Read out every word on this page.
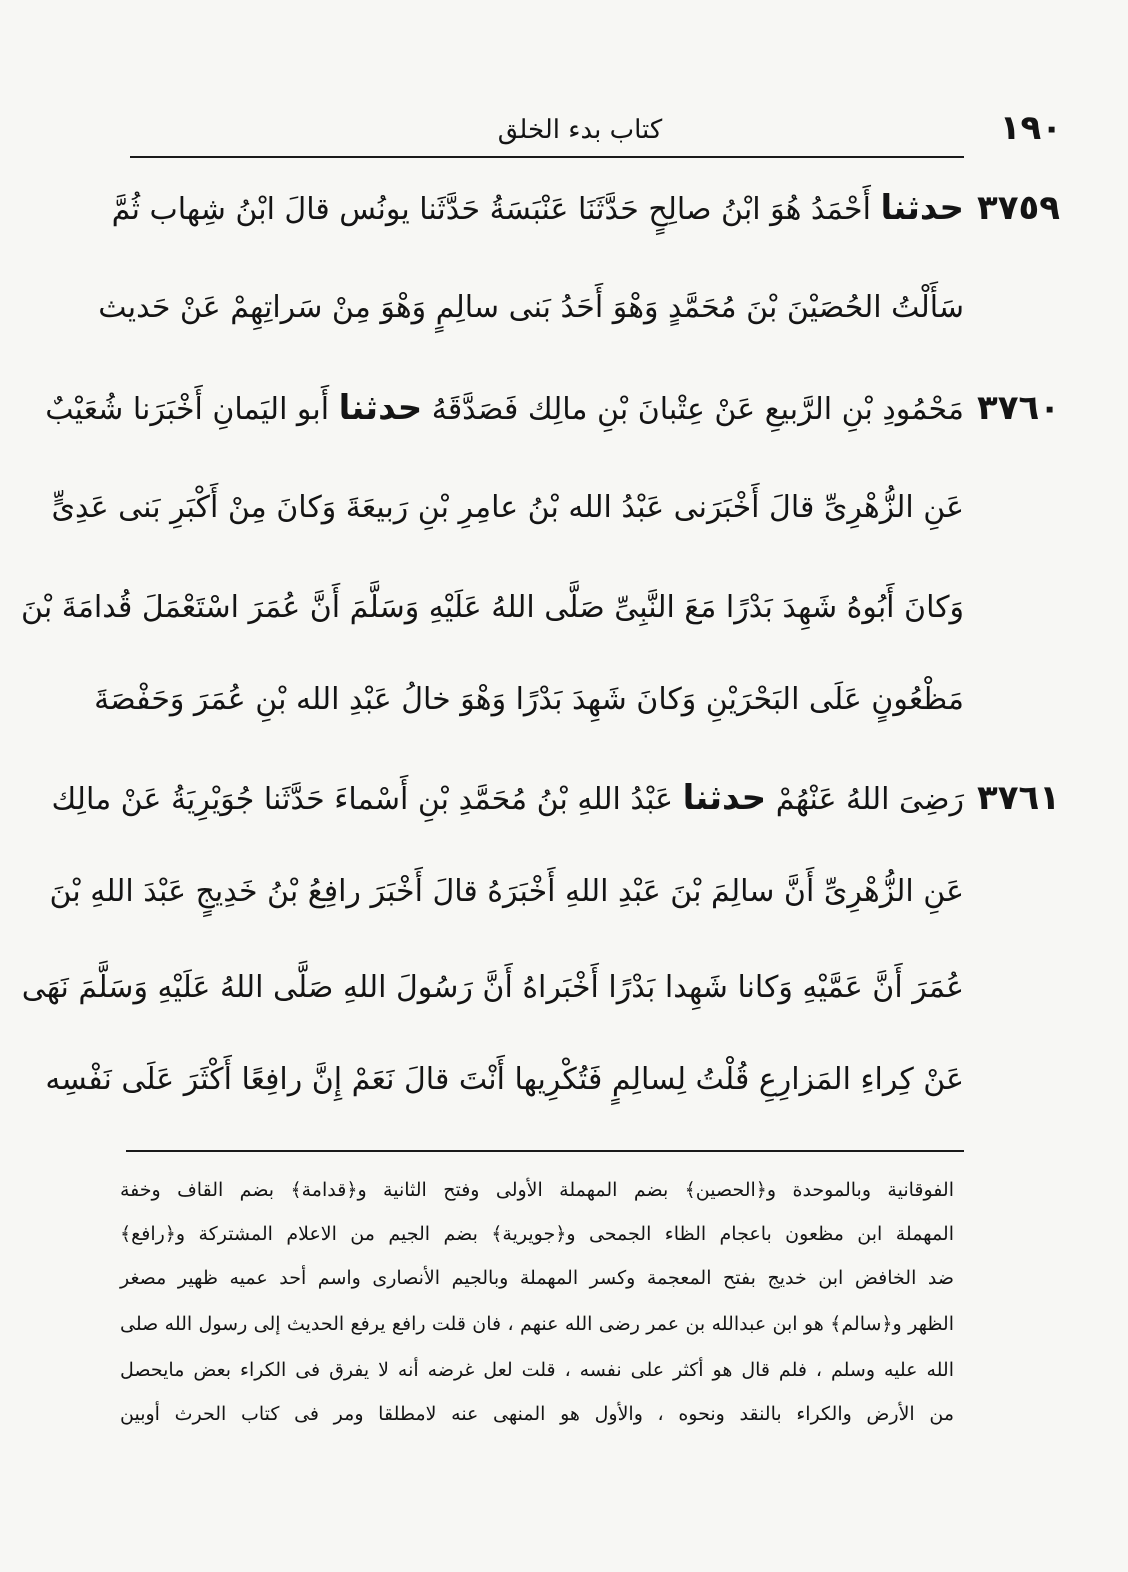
١٩٠
كتاب بدء الخلق
٣٧٥٩
حدثنا أَحْمَدُ هُوَ ابْنُ صالِحٍ حَدَّثَنَا عَنْبَسَةُ حَدَّثَنا يونُس قالَ ابْنُ شِهاب ثُمَّ
سَأَلْتُ الحُصَيْنَ بْنَ مُحَمَّدٍ وَهْوَ أَحَدُ بَنى سالِمٍ وَهْوَ مِنْ سَراتِهِمْ عَنْ حَديث
٣٧٦٠
مَحْمُودِ بْنِ الرَّبيعِ عَنْ عِتْبانَ بْنِ مالِك فَصَدَّقَهُ حدثنا أَبو اليَمانِ أَخْبَرَنا شُعَيْبٌ
عَنِ الزُّهْرِىِّ قالَ أَخْبَرَنى عَبْدُ الله بْنُ عامِرِ بْنِ رَبيعَةَ وَكانَ مِنْ أَكْبَرِ بَنى عَدِىٍّ
وَكانَ أَبُوهُ شَهِدَ بَدْرًا مَعَ النَّبِىِّ صَلَّى اللهُ عَلَيْهِ وَسَلَّمَ أَنَّ عُمَرَ اسْتَعْمَلَ قُدامَةَ بْنَ
مَظْعُونٍ عَلَى البَحْرَيْنِ وَكانَ شَهِدَ بَدْرًا وَهْوَ خالُ عَبْدِ الله بْنِ عُمَرَ وَحَفْصَةَ
٣٧٦١
رَضِىَ اللهُ عَنْهُمْ حدثنا عَبْدُ اللهِ بْنُ مُحَمَّدِ بْنِ أَسْماءَ حَدَّثَنا جُوَيْرِيَةُ عَنْ مالِك
عَنِ الزُّهْرِىِّ أَنَّ سالِمَ بْنَ عَبْدِ اللهِ أَخْبَرَهُ قالَ أَخْبَرَ رافِعُ بْنُ خَدِيجٍ عَبْدَ اللهِ بْنَ
عُمَرَ أَنَّ عَمَّيْهِ وَكانا شَهِدا بَدْرًا أَخْبَراهُ أَنَّ رَسُولَ اللهِ صَلَّى اللهُ عَلَيْهِ وَسَلَّمَ نَهَى
عَنْ كِراءِ المَزارِعِ قُلْتُ لِسالِمٍ فَتُكْرِيها أَنْتَ قالَ نَعَمْ إِنَّ رافِعًا أَكْثَرَ عَلَى نَفْسِه
الفوقانية وبالموحدة و﴿الحصين﴾ بضم المهملة الأولى وفتح الثانية و﴿قدامة﴾ بضم القاف وخفة
المهملة ابن مظعون باعجام الظاء الجمحى و﴿جويرية﴾ بضم الجيم من الاعلام المشتركة و﴿رافع﴾
ضد الخافض ابن خديج بفتح المعجمة وكسر المهملة وبالجيم الأنصارى واسم أحد عميه ظهير مصغر
الظهر و﴿سالم﴾ هو ابن عبدالله بن عمر رضى الله عنهم ، فان قلت رافع يرفع الحديث إلى رسول الله صلى
الله عليه وسلم ، فلم قال هو أكثر على نفسه ، قلت لعل غرضه أنه لا يفرق فى الكراء بعض مايحصل
من الأرض والكراء بالنقد ونحوه ، والأول هو المنهى عنه لامطلقا ومر فى كتاب الحرث أوبين
